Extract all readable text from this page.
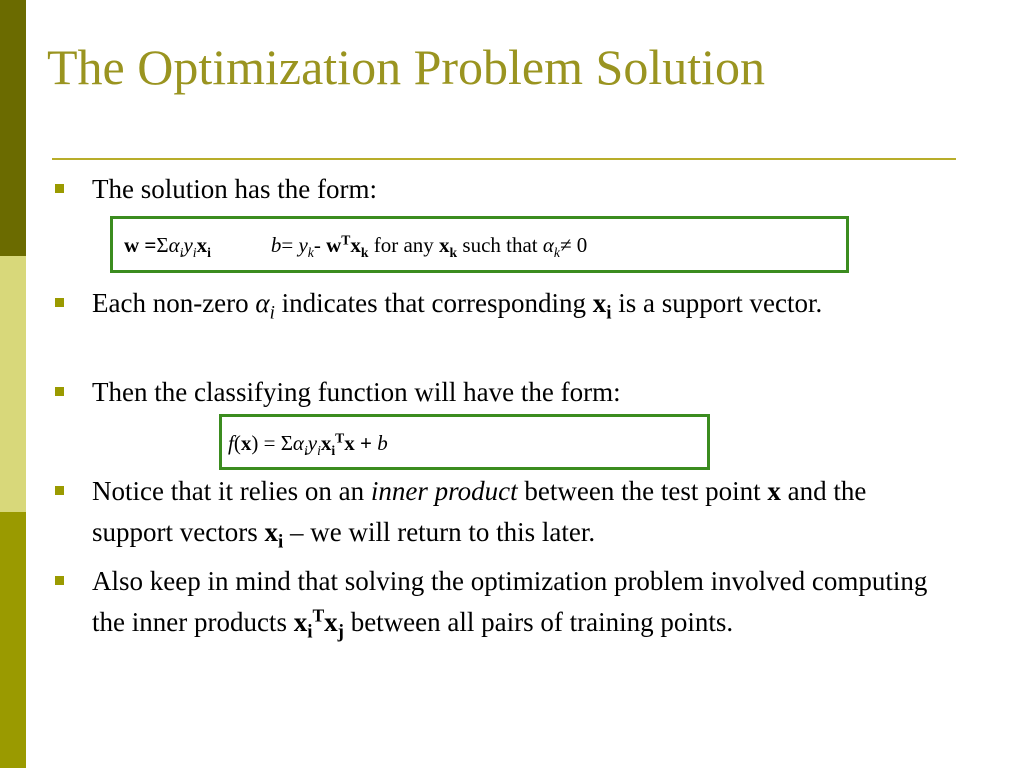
The Optimization Problem Solution
The solution has the form:
$w =\Sigma\alpha_iy_ix_i$	$b= y_k-$ $w^Tx_k$ for any $x_k$ such that $\alpha_k\ne 0$
Each non-zero $\alpha_i$ indicates that corresponding $x_i$ is a support vector.
Then the classifying function will have the form:
$f(x) = \Sigma\alpha_iy_ix_i^Tx + b$
Notice that it relies on an inner product between the test point x and the support vectors $x_i$ – we will return to this later.
Also keep in mind that solving the optimization problem involved computing the inner products $x_i^Tx_j$ between all pairs of training points.
